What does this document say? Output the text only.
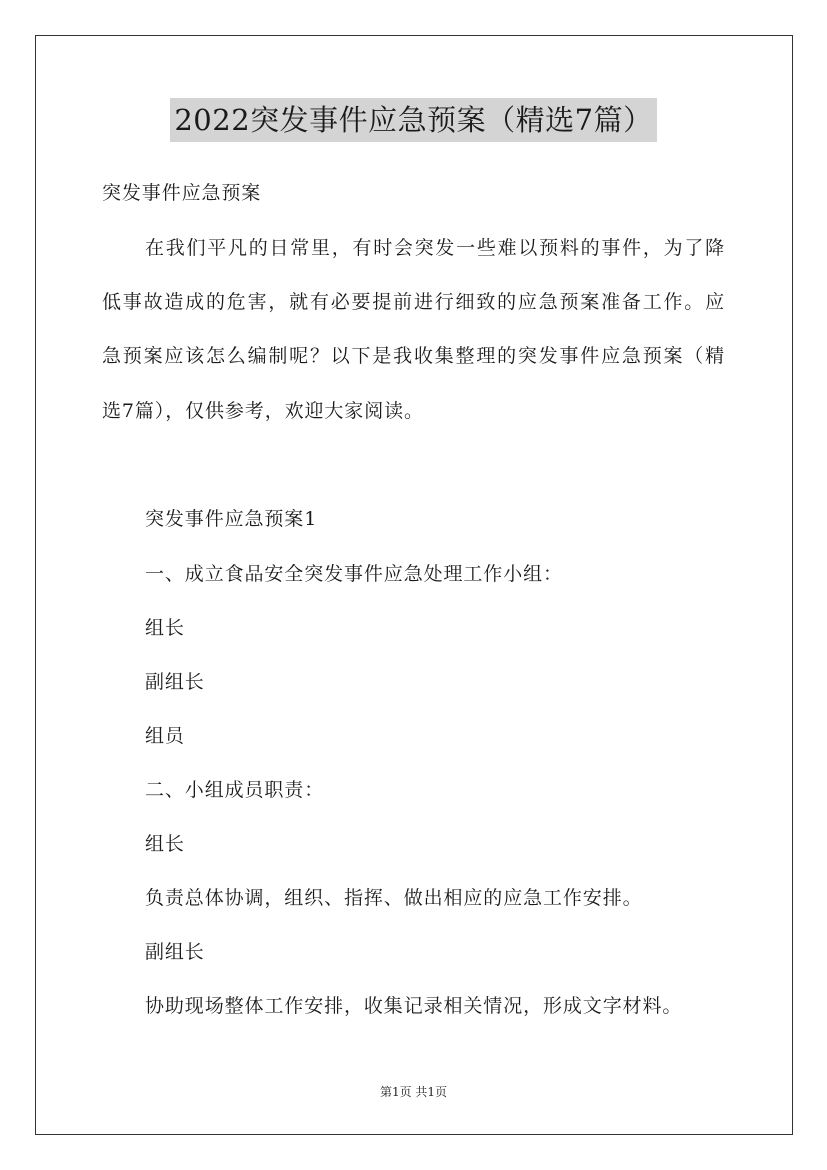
2022突发事件应急预案（精选7篇）
突发事件应急预案
在我们平凡的日常里，有时会突发一些难以预料的事件，为了降
低事故造成的危害，就有必要提前进行细致的应急预案准备工作。应
急预案应该怎么编制呢？以下是我收集整理的突发事件应急预案（精
选7篇），仅供参考，欢迎大家阅读。
突发事件应急预案1
一、成立食品安全突发事件应急处理工作小组：
组长
副组长
组员
二、小组成员职责：
组长
负责总体协调，组织、指挥、做出相应的应急工作安排。
副组长
协助现场整体工作安排，收集记录相关情况，形成文字材料。
第1页 共1页
